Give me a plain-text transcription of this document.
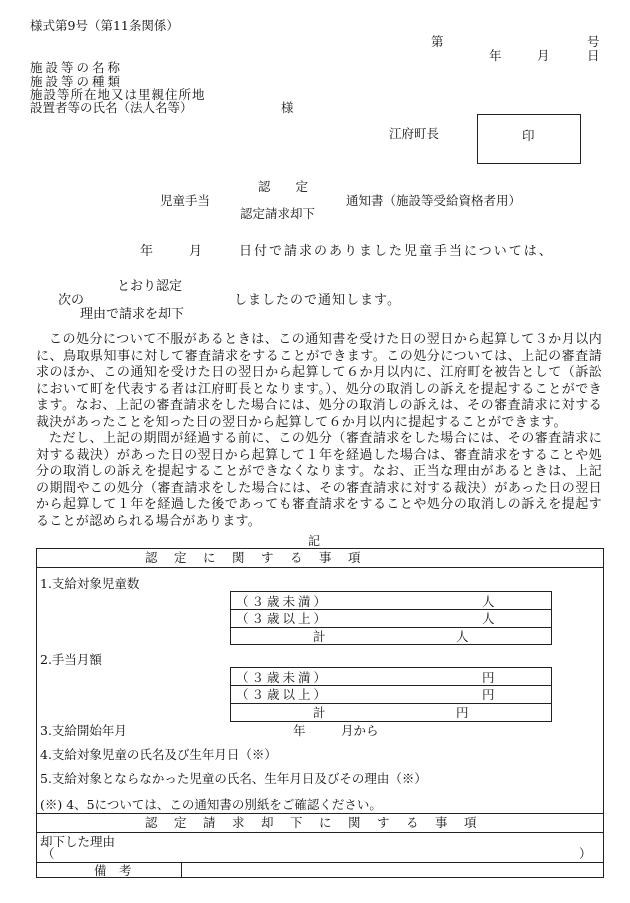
様式第9号（第11条関係）
第	号
年	月	日
施設等の名称
施設等の種類
施設等所在地又は里親住所地
設置者等の氏名（法人名等）	様
江府町長	印
認　　定
児童手当	通知書（施設等受給資格者用）
認定請求却下
年	月	日付で請求のありました児童手当については、
とおり認定
次の	しましたので通知します。
理由で請求を却下
この処分について不服があるときは、この通知書を受けた日の翌日から起算して３か月以内に、鳥取県知事に対して審査請求をすることができます。この処分については、上記の審査請求のほか、この通知を受けた日の翌日から起算して６か月以内に、江府町を被告として（訴訟において町を代表する者は江府町長となります。）、処分の取消しの訴えを提起することができます。なお、上記の審査請求をした場合には、処分の取消しの訴えは、その審査請求に対する裁決があったことを知った日の翌日から起算して６か月以内に提起することができます。
ただし、上記の期間が経過する前に、この処分（審査請求をした場合には、その審査請求に対する裁決）があった日の翌日から起算して１年を経過した場合は、審査請求をすることや処分の取消しの訴えを提起することができなくなります。なお、正当な理由があるときは、上記の期間やこの処分（審査請求をした場合には、その審査請求に対する裁決）があった日の翌日から起算して１年を経過した後であっても審査請求をすることや処分の取消しの訴えを提起することが認められる場合があります。
記
認　定　に　関　す　る　事　項
1.支給対象児童数
（３歳未満）	人
（３歳以上）	人
計	人
2.手当月額
（３歳未満）	円
（３歳以上）	円
計	円
3.支給開始年月	年	月から
4.支給対象児童の氏名及び生年月日（※）
5.支給対象とならなかった児童の氏名、生年月日及びその理由（※）
(※) 4、5については、この通知書の別紙をご確認ください。
認　定　請　求　却　下　に　関　す　る　事　項
却下した理由
（	）
備　考
